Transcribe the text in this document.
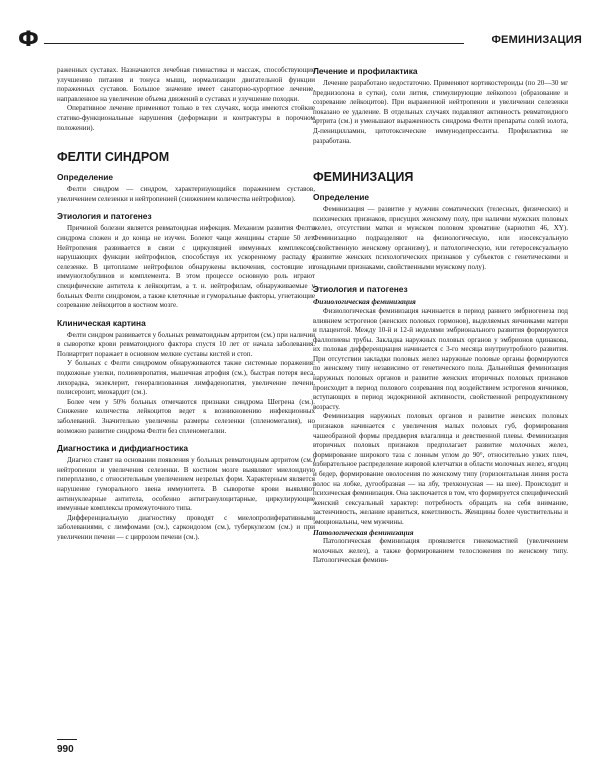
Ф	ФЕМИНИЗАЦИЯ

раженных суставах. Назначаются лечебная гимнастика и массаж, способствующие улучшению питания и тонуса мышц, нормализации двигательной функции пораженных суставов. Большое значение имеет санаторно-курортное лечение, направленное на увеличение объема движений в суставах и улучшение походки.

Оперативное лечение применяют только в тех случаях, когда имеются стойкие статико-функциональные нарушения (деформации и контрактуры в порочном положении).

ФЕЛТИ СИНДРОМ
Определение

Фелти синдром — синдром, характеризующийся поражением суставов, увеличением селезенки и нейтропенией (снижением количества нейтрофилов).

Этиология и патогенез

Причиной болезни является ревматоидная инфекция. Механизм развития Фелти синдрома сложен и до конца не изучен. Болеют чаще женщины старше 50 лет. Нейтропения развивается в связи с циркуляцией иммунных комплексов, нарушающих функции нейтрофилов, способствуя их ускоренному распаду в селезенке. В цитоплазме нейтрофилов обнаружены включения, состоящие из иммуноглобулинов и комплемента. В этом процессе основную роль играют специфические антитела к лейкоцитам, а т. н. нейтрофилам, обнаруживаемые у больных Фелти синдромом, а также клеточные и гуморальные факторы, угнетающие созревание лейкоцитов в костном мозге.

Клиническая картина

Фелти синдром развивается у больных ревматоидным артритом (см.) при наличии в сыворотке крови ревматоидного фактора спустя 10 лет от начала заболевания. Полиартрит поражает в основном мелкие суставы кистей и стоп.

У больных с Фелти синдромом обнаруживаются также системные поражения: подкожные узелки, полиневропатия, мышечная атрофия (см.), быстрая потеря веса, лихорадка, экзеклерит, генерализованная лимфаденопатия, увеличение печени, полисерозит, миокардит (см.).

Более чем у 50% больных отмечаются признаки синдрома Шегрена (см.). Снижение количества лейкоцитов ведет к возникновению инфекционных заболеваний. Значительно увеличены размеры селезенки (спленомегалия), но возможно развитие синдрома Фелти без спленомегалии.

Диагностика и дифдиагностика

Диагноз ставят на основании появления у больных ревматоидным артритом (см.) нейтропении и увеличения селезенки. В костном мозге выявляют миелоидную гиперплазию, с относительным увеличением незрелых форм. Характерным является нарушение гуморального звена иммунитета. В сыворотке крови выявляют антинуклеарные антитела, особенно антигранулоцитарные, циркулирующие иммунные комплексы промежуточного типа.

Дифференциальную диагностику проводят с миелопролиферативными заболеваниями, с лимфомами (см.), саркоидозом (см.), туберкулезом (см.) и при увеличении печени — с циррозом печени (см.).

Лечение и профилактика

Лечение разработано недостаточно. Применяют кортикостероиды (по 20—30 мг преднизолона в сутки), соли лития, стимулирующие лейкопоэз (образование и созревание лейкоцитов). При выраженной нейтропении и увеличении селезенки показано ее удаление. В отдельных случаях подавляют активность ревматоидного артрита (см.) и уменьшают выраженность синдрома Фелти препараты солей золота, Д-пеницилламин, цитотоксические иммунодепрессанты. Профилактика не разработана.

ФЕМИНИЗАЦИЯ
Определение

Феминизация — развитие у мужчин соматических (телесных, физических) и психических признаков, присущих женскому полу, при наличии мужских половых желез, отсутствии матки и мужском половом хроматине (кариотип 46, XY). Феминизацию подразделяют на физиологическую, или изосексуальную (свойственную женскому организму), и патологическую, или гетеросексуальную (развитие женских психологических признаков у субъектов с генетическими и гонадными признаками, свойственными мужскому полу).

Этиология и патогенез
Физиологическая феминизация

Физиологическая феминизация начинается в период раннего эмбриогенеза под влиянием эстрогенов (женских половых гормонов), выделяемых яичниками матери и плацентой. Между 10-й и 12-й неделями эмбрионального развития формируются фаллопиевы трубы. Закладка наружных половых органов у эмбрионов одинакова, их половая дифференциация начинается с 3-го месяца внутриутробного развития. При отсутствии закладки половых желез наружные половые органы формируются по женскому типу независимо от генетического пола. Дальнейшая феминизация наружных половых органов и развитие женских вторичных половых признаков происходит в период полового созревания под воздействием эстрогенов яичников, вступающих в период эндокринной активности, свойственной репродуктивному возрасту.

Феминизация наружных половых органов и развитие женских половых признаков начинается с увеличения малых половых губ, формирования чашеобразной формы преддверия влагалища и девственной плевы. Феминизация вторичных половых признаков предполагает развитие молочных желез, формирование широкого таза с лонным углом до 90°, относительно узких плеч, избирательное распределение жировой клетчатки в области молочных желез, ягодиц и бедер, формирование оволосения по женскому типу (горизонтальная линия роста волос на лобке, дугообразная — на лбу, трехконусная — на шее). Происходит и психическая феминизация. Она заключается в том, что формируется специфический женский сексуальный характер: потребность обращать на себя внимание, застенчивость, желание нравиться, кокетливость. Женщины более чувствительны и эмоциональны, чем мужчины.

Патологическая феминизация

Патологическая феминизация проявляется гинекомастией (увеличением молочных желез), а также формированием телосложения по женскому типу. Патологическая фемини-

990
